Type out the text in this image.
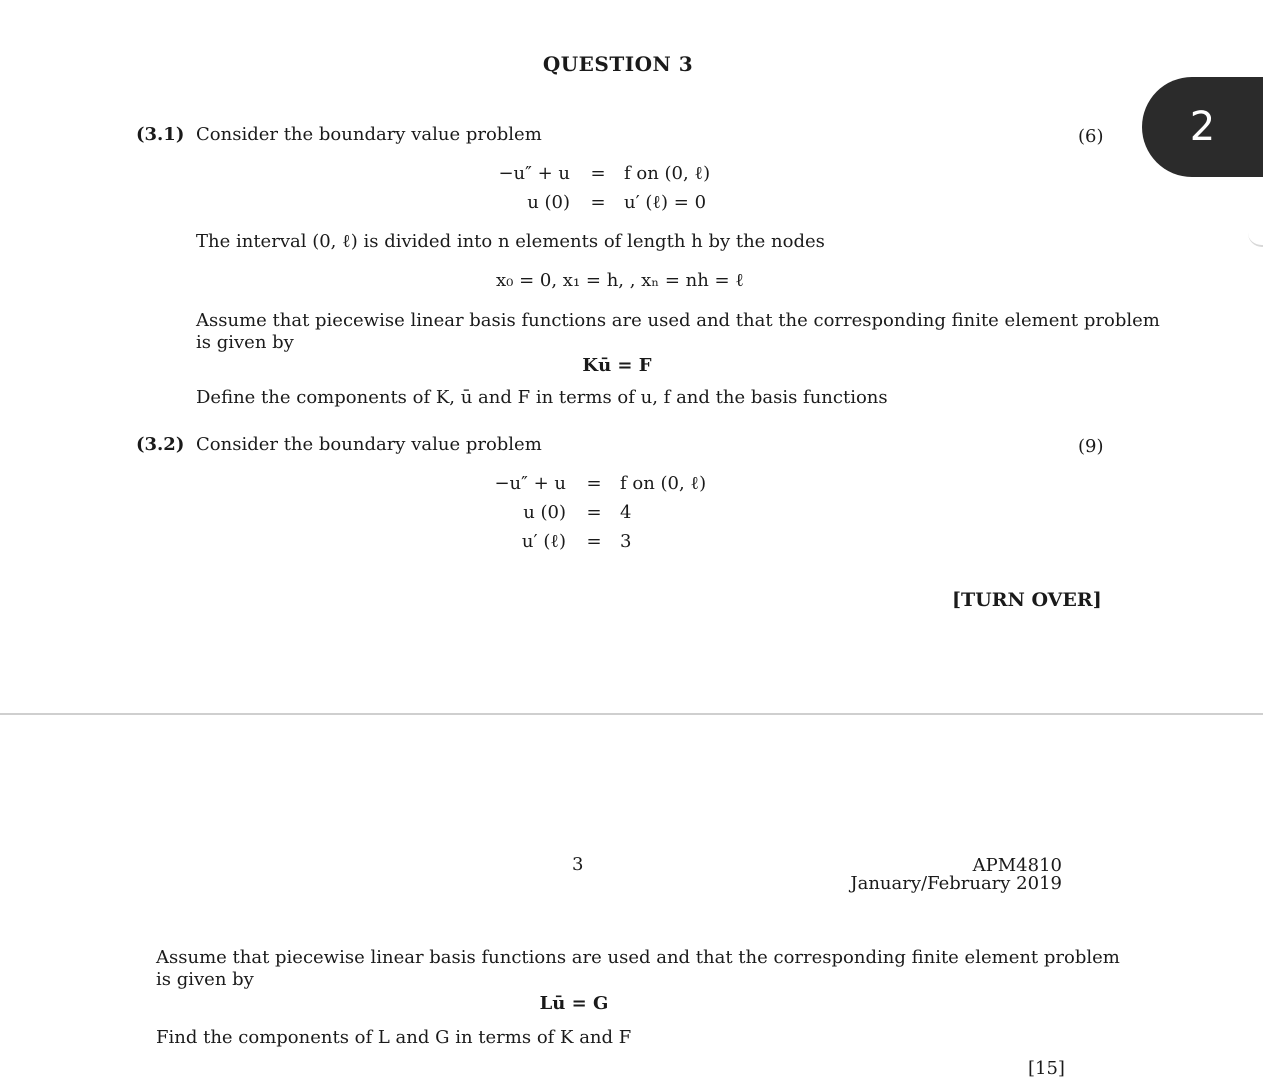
QUESTION 3
(3.1) Consider the boundary value problem	(6)
−u″ + u = f on (0, ℓ)
u (0) = u′ (ℓ) = 0
The interval (0, ℓ) is divided into n elements of length h by the nodes
x₀ = 0, x₁ = h, , xₙ = nh = ℓ
Assume that piecewise linear basis functions are used and that the corresponding finite element problem
is given by
Kū = F
Define the components of K, ū and F in terms of u, f and the basis functions
(3.2) Consider the boundary value problem	(9)
−u″ + u = f on (0, ℓ)
u (0) = 4
u′ (ℓ) = 3
[TURN OVER]
3	APM4810
January/February 2019
Assume that piecewise linear basis functions are used and that the corresponding finite element problem
is given by
Lū = G
Find the components of L and G in terms of K and F
[15]
2
